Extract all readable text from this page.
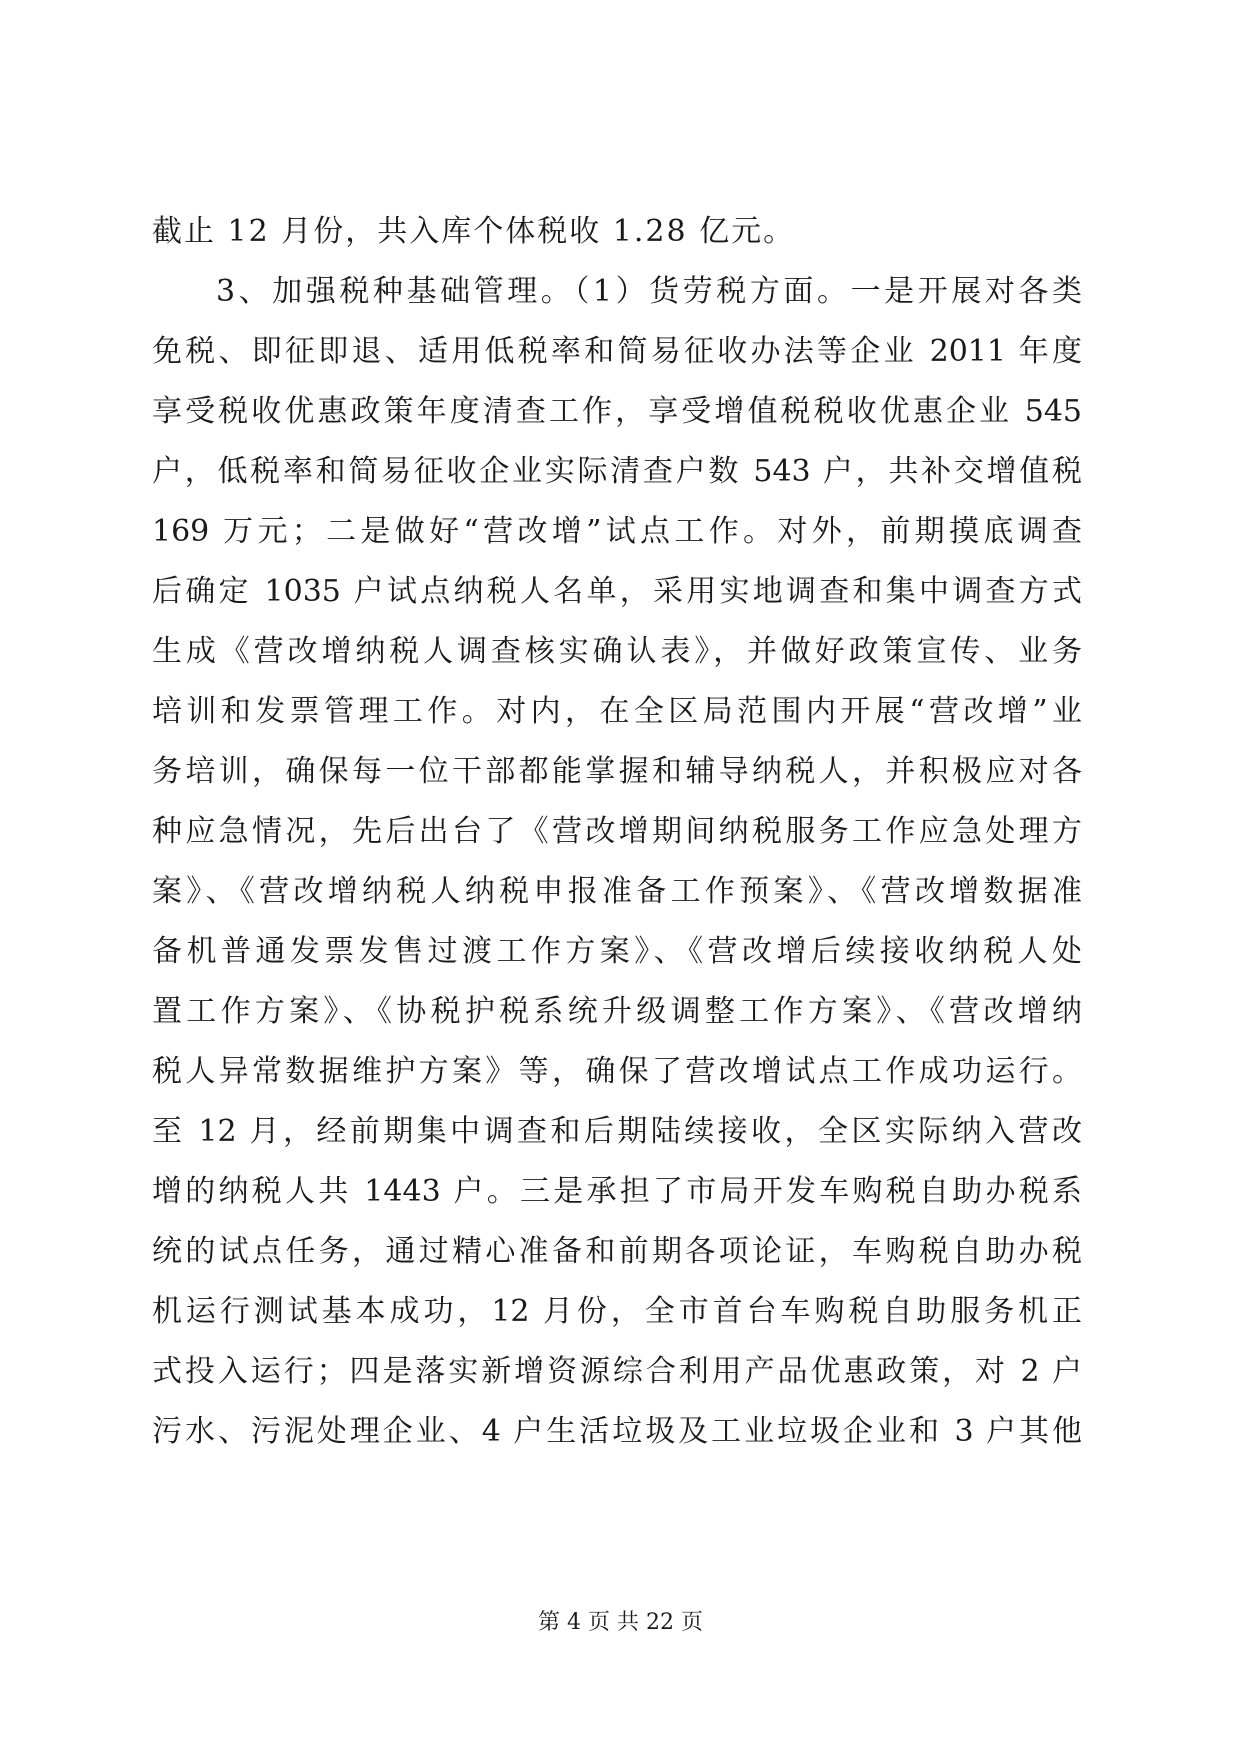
截止 12 月份，共入库个体税收 1.28 亿元。
3、加强税种基础管理。（1）货劳税方面。一是开展对各类
免税、即征即退、适用低税率和简易征收办法等企业 2011 年度
享受税收优惠政策年度清查工作，享受增值税税收优惠企业 545
户，低税率和简易征收企业实际清查户数 543 户，共补交增值税
169 万元；二是做好“营改增”试点工作。对外，前期摸底调查
后确定 1035 户试点纳税人名单，采用实地调查和集中调查方式
生成《营改增纳税人调查核实确认表》，并做好政策宣传、业务
培训和发票管理工作。对内，在全区局范围内开展“营改增”业
务培训，确保每一位干部都能掌握和辅导纳税人，并积极应对各
种应急情况，先后出台了《营改增期间纳税服务工作应急处理方
案》、《营改增纳税人纳税申报准备工作预案》、《营改增数据准
备机普通发票发售过渡工作方案》、《营改增后续接收纳税人处
置工作方案》、《协税护税系统升级调整工作方案》、《营改增纳
税人异常数据维护方案》等，确保了营改增试点工作成功运行。
至 12 月，经前期集中调查和后期陆续接收，全区实际纳入营改
增的纳税人共 1443 户。三是承担了市局开发车购税自助办税系
统的试点任务，通过精心准备和前期各项论证，车购税自助办税
机运行测试基本成功，12 月份，全市首台车购税自助服务机正
式投入运行；四是落实新增资源综合利用产品优惠政策，对 2 户
污水、污泥处理企业、4 户生活垃圾及工业垃圾企业和 3 户其他
第 4 页 共 22 页
